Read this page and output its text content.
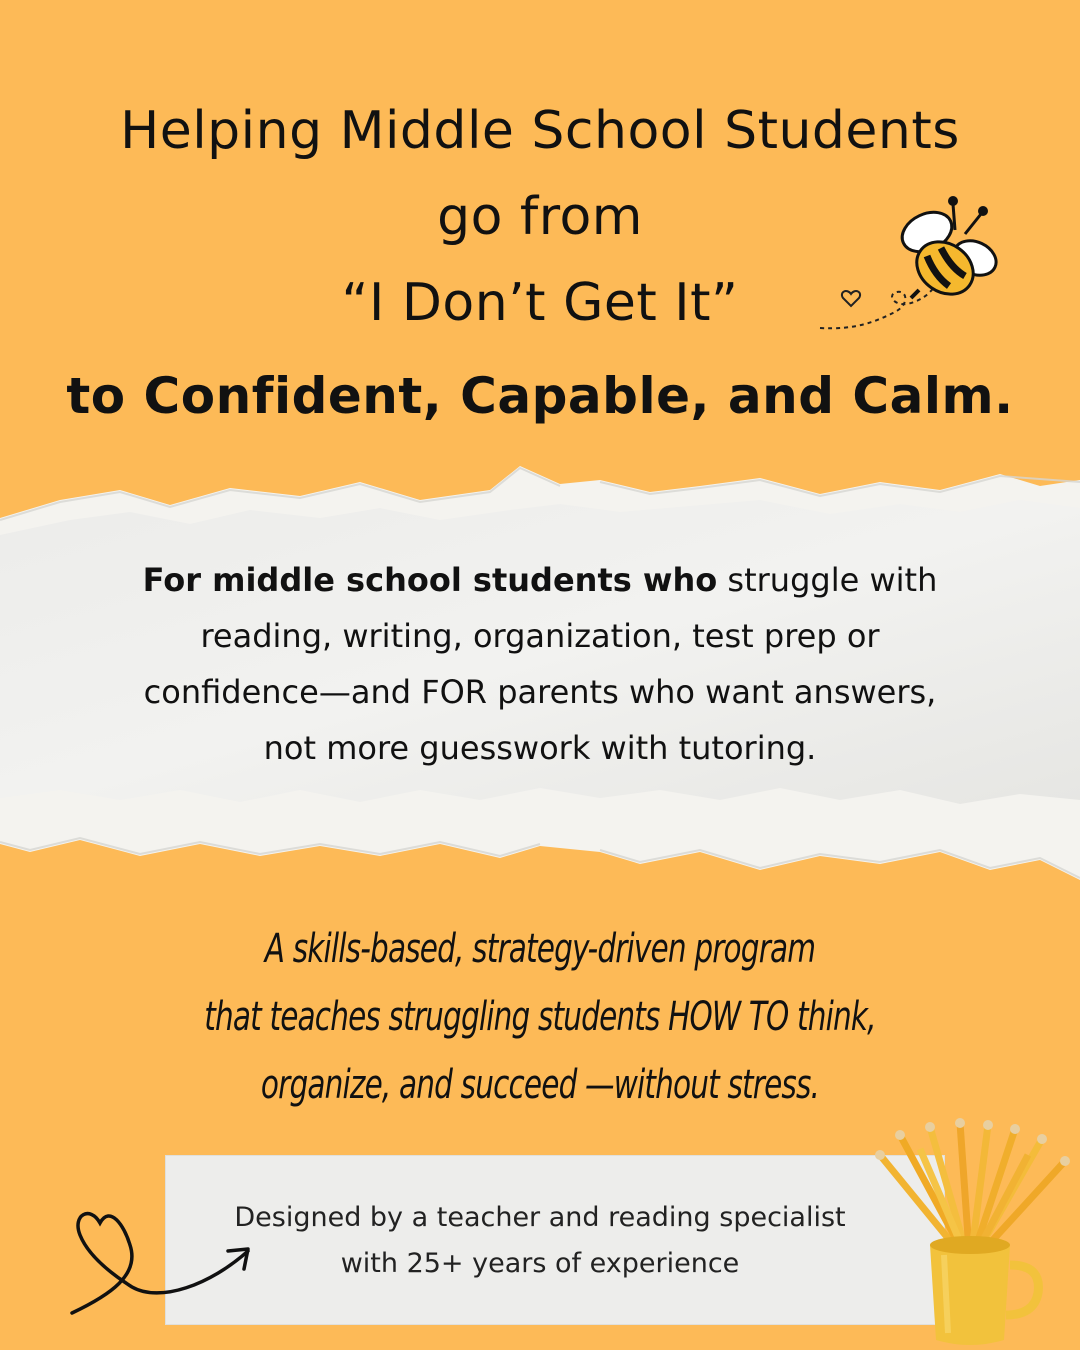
Helping Middle School Students
go from
“I Don’t Get It”
to Confident, Capable, and Calm.
For middle school students who struggle with
reading, writing, organization, test prep or
confidence—and FOR parents who want answers,
not more guesswork with tutoring.
A skills-based, strategy-driven program
that teaches struggling students HOW TO think,
organize, and succeed —without stress.
Designed by a teacher and reading specialist
with 25+ years of experience
